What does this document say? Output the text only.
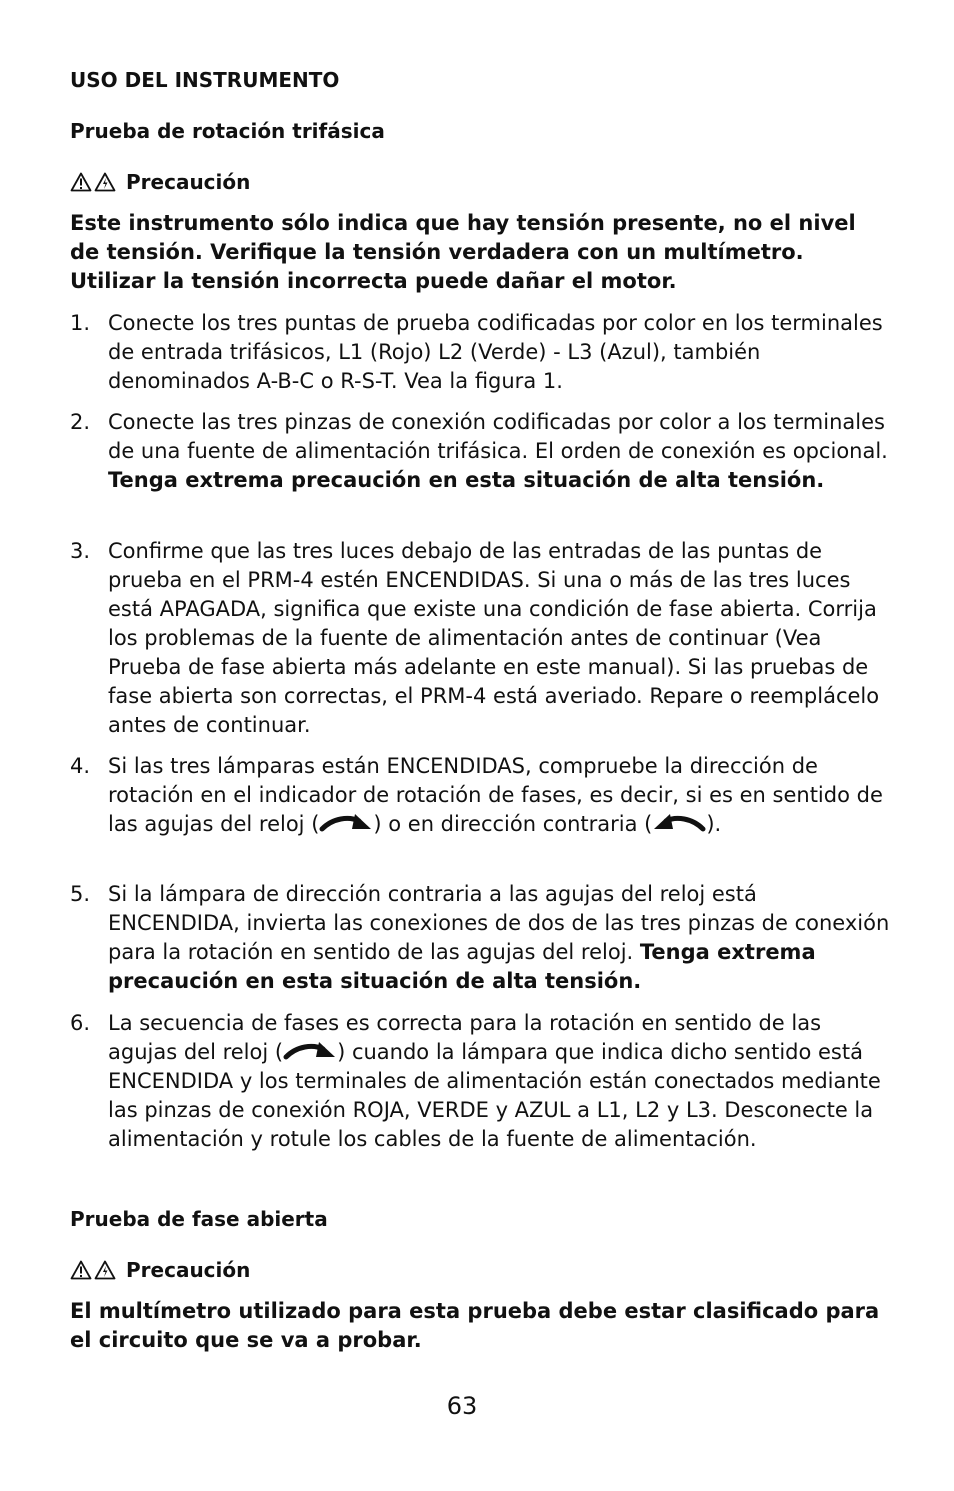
USO DEL INSTRUMENTO
Prueba de rotación trifásica
Precaución
Este instrumento sólo indica que hay tensión presente, no el nivel de tensión. Verifique la tensión verdadera con un multímetro. Utilizar la tensión incorrecta puede dañar el motor.
1. Conecte los tres puntas de prueba codificadas por color en los terminales de entrada trifásicos, L1 (Rojo) L2 (Verde) - L3 (Azul), también denominados A-B-C o R-S-T. Vea la figura 1.
2. Conecte las tres pinzas de conexión codificadas por color a los terminales de una fuente de alimentación trifásica. El orden de conexión es opcional. Tenga extrema precaución en esta situación de alta tensión.
3. Confirme que las tres luces debajo de las entradas de las puntas de prueba en el PRM-4 estén ENCENDIDAS. Si una o más de las tres luces está APAGADA, significa que existe una condición de fase abierta. Corrija los problemas de la fuente de alimentación antes de continuar (Vea Prueba de fase abierta más adelante en este manual). Si las pruebas de fase abierta son correctas, el PRM-4 está averiado. Repare o reemplácelo antes de continuar.
4. Si las tres lámparas están ENCENDIDAS, compruebe la dirección de rotación en el indicador de rotación de fases, es decir, si es en sentido de las agujas del reloj (	) o en dirección contraria (	).
5. Si la lámpara de dirección contraria a las agujas del reloj está ENCENDIDA, invierta las conexiones de dos de las tres pinzas de conexión para la rotación en sentido de las agujas del reloj. Tenga extrema precaución en esta situación de alta tensión.
6. La secuencia de fases es correcta para la rotación en sentido de las agujas del reloj (	) cuando la lámpara que indica dicho sentido está ENCENDIDA y los terminales de alimentación están conectados mediante las pinzas de conexión ROJA, VERDE y AZUL a L1, L2 y L3. Desconecte la alimentación y rotule los cables de la fuente de alimentación.
Prueba de fase abierta
Precaución
El multímetro utilizado para esta prueba debe estar clasificado para el circuito que se va a probar.
63
